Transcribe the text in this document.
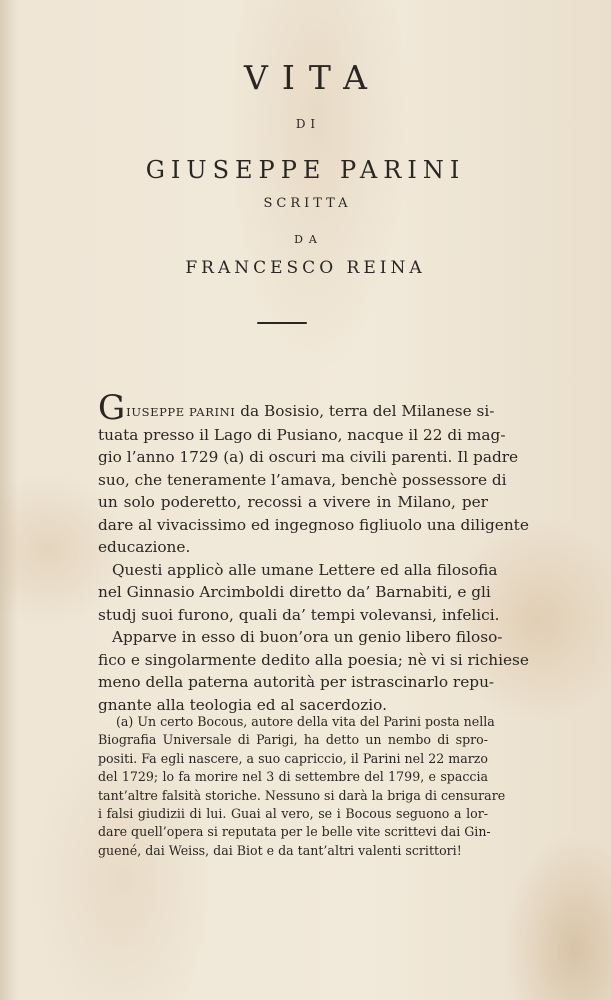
VITA
DI
GIUSEPPE PARINI
SCRITTA
DA
FRANCESCO REINA
GIUSEPPE PARINI da Bosisio, terra del Milanese si-
tuata presso il Lago di Pusiano, nacque il 22 di mag-
gio l’anno 1729 (a) di oscuri ma civili parenti. Il padre
suo, che teneramente l’amava, benchè possessore di
un solo poderetto, recossi a vivere in Milano, per
dare al vivacissimo ed ingegnoso figliuolo una diligente
educazione.
Questi applicò alle umane Lettere ed alla filosofia
nel Ginnasio Arcimboldi diretto da’ Barnabiti, e gli
studj suoi furono, quali da’ tempi volevansi, infelici.
Apparve in esso di buon’ora un genio libero filoso-
fico e singolarmente dedito alla poesia; nè vi si richiese
meno della paterna autorità per istrascinarlo repu-
gnante alla teologia ed al sacerdozio.
(a) Un certo Bocous, autore della vita del Parini posta nella
Biografia Universale di Parigi, ha detto un nembo di spro-
positi. Fa egli nascere, a suo capriccio, il Parini nel 22 marzo
del 1729; lo fa morire nel 3 di settembre del 1799, e spaccia
tant’altre falsità storiche. Nessuno si darà la briga di censurare
i falsi giudizii di lui. Guai al vero, se i Bocous seguono a lor-
dare quell’opera si reputata per le belle vite scrittevi dai Gin-
guené, dai Weiss, dai Biot e da tant’altri valenti scrittori!
